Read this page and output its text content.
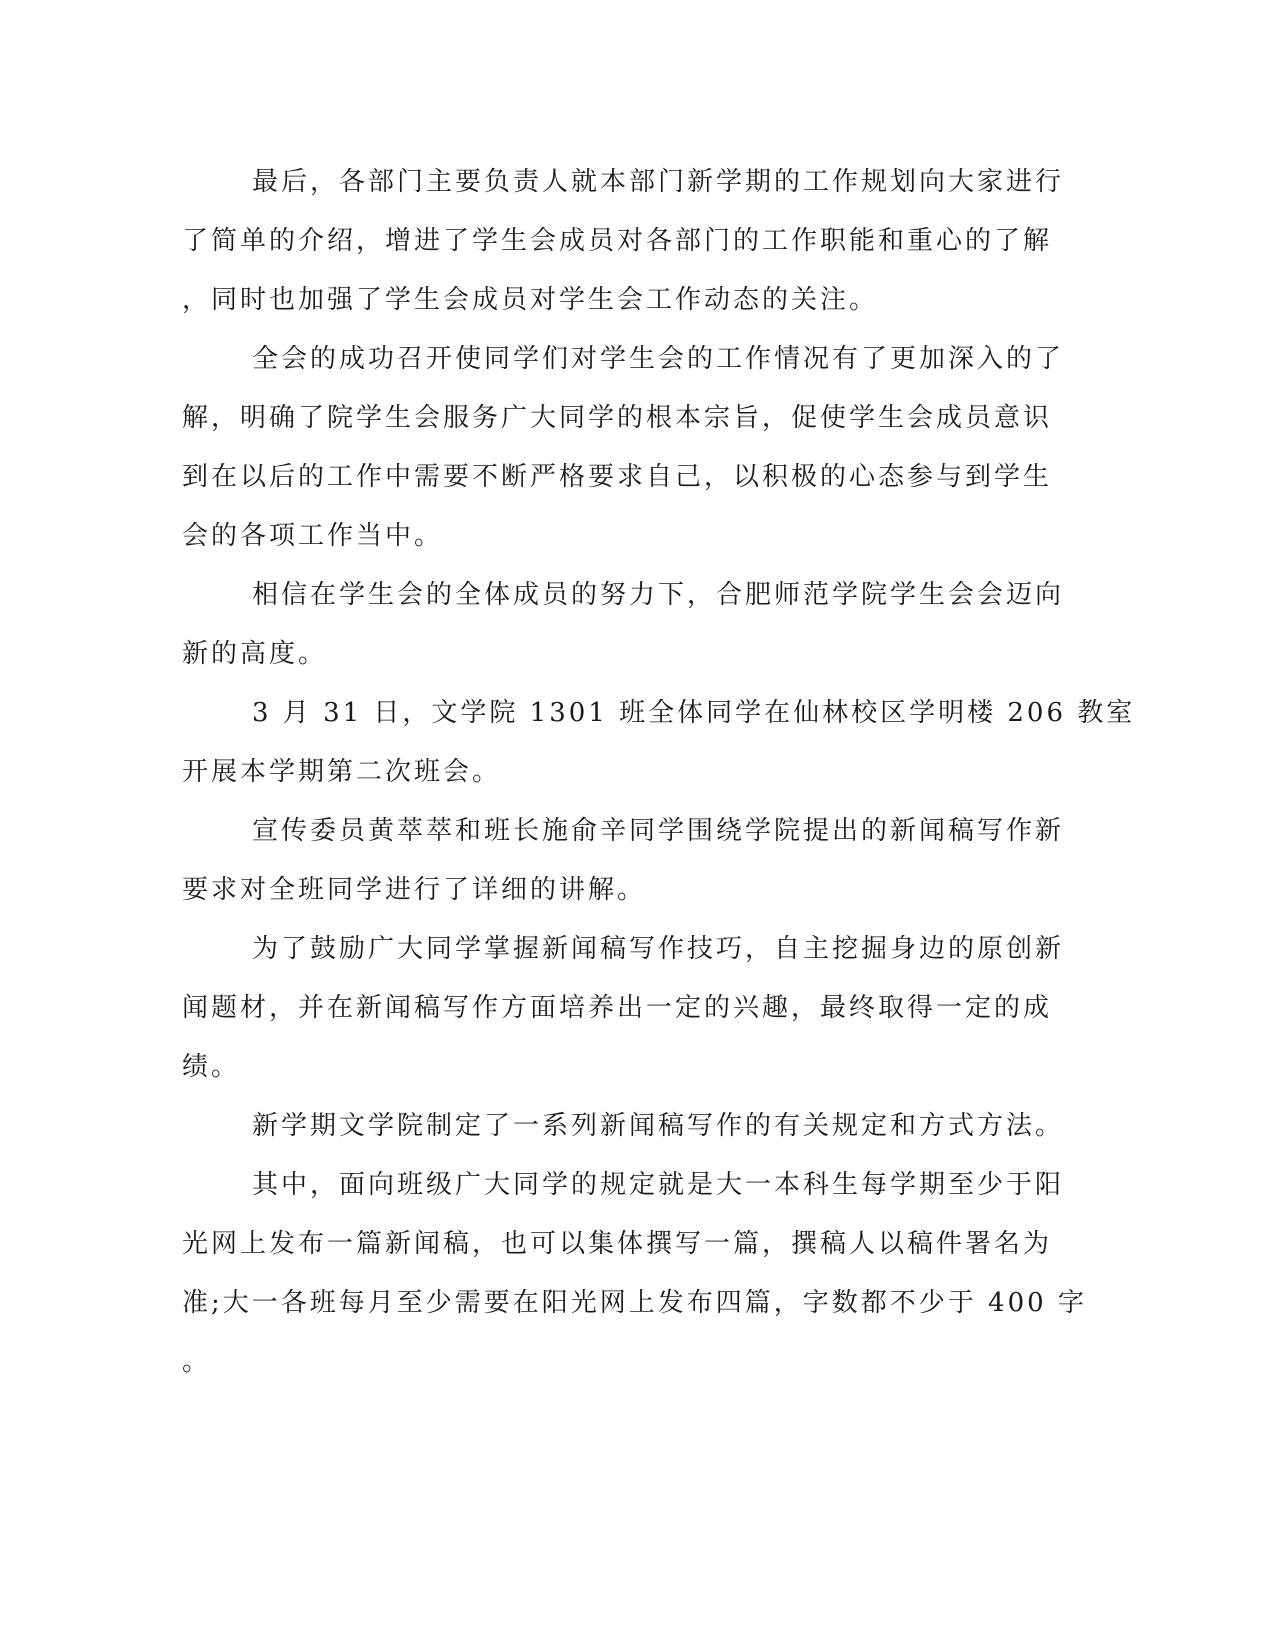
最后，各部门主要负责人就本部门新学期的工作规划向大家进行
了简单的介绍，增进了学生会成员对各部门的工作职能和重心的了解
，同时也加强了学生会成员对学生会工作动态的关注。
全会的成功召开使同学们对学生会的工作情况有了更加深入的了
解，明确了院学生会服务广大同学的根本宗旨，促使学生会成员意识
到在以后的工作中需要不断严格要求自己，以积极的心态参与到学生
会的各项工作当中。
相信在学生会的全体成员的努力下，合肥师范学院学生会会迈向
新的高度。
3 月 31 日，文学院 1301 班全体同学在仙林校区学明楼 206 教室
开展本学期第二次班会。
宣传委员黄萃萃和班长施俞辛同学围绕学院提出的新闻稿写作新
要求对全班同学进行了详细的讲解。
为了鼓励广大同学掌握新闻稿写作技巧，自主挖掘身边的原创新
闻题材，并在新闻稿写作方面培养出一定的兴趣，最终取得一定的成
绩。
新学期文学院制定了一系列新闻稿写作的有关规定和方式方法。
其中，面向班级广大同学的规定就是大一本科生每学期至少于阳
光网上发布一篇新闻稿，也可以集体撰写一篇，撰稿人以稿件署名为
准;大一各班每月至少需要在阳光网上发布四篇，字数都不少于 400 字
。
